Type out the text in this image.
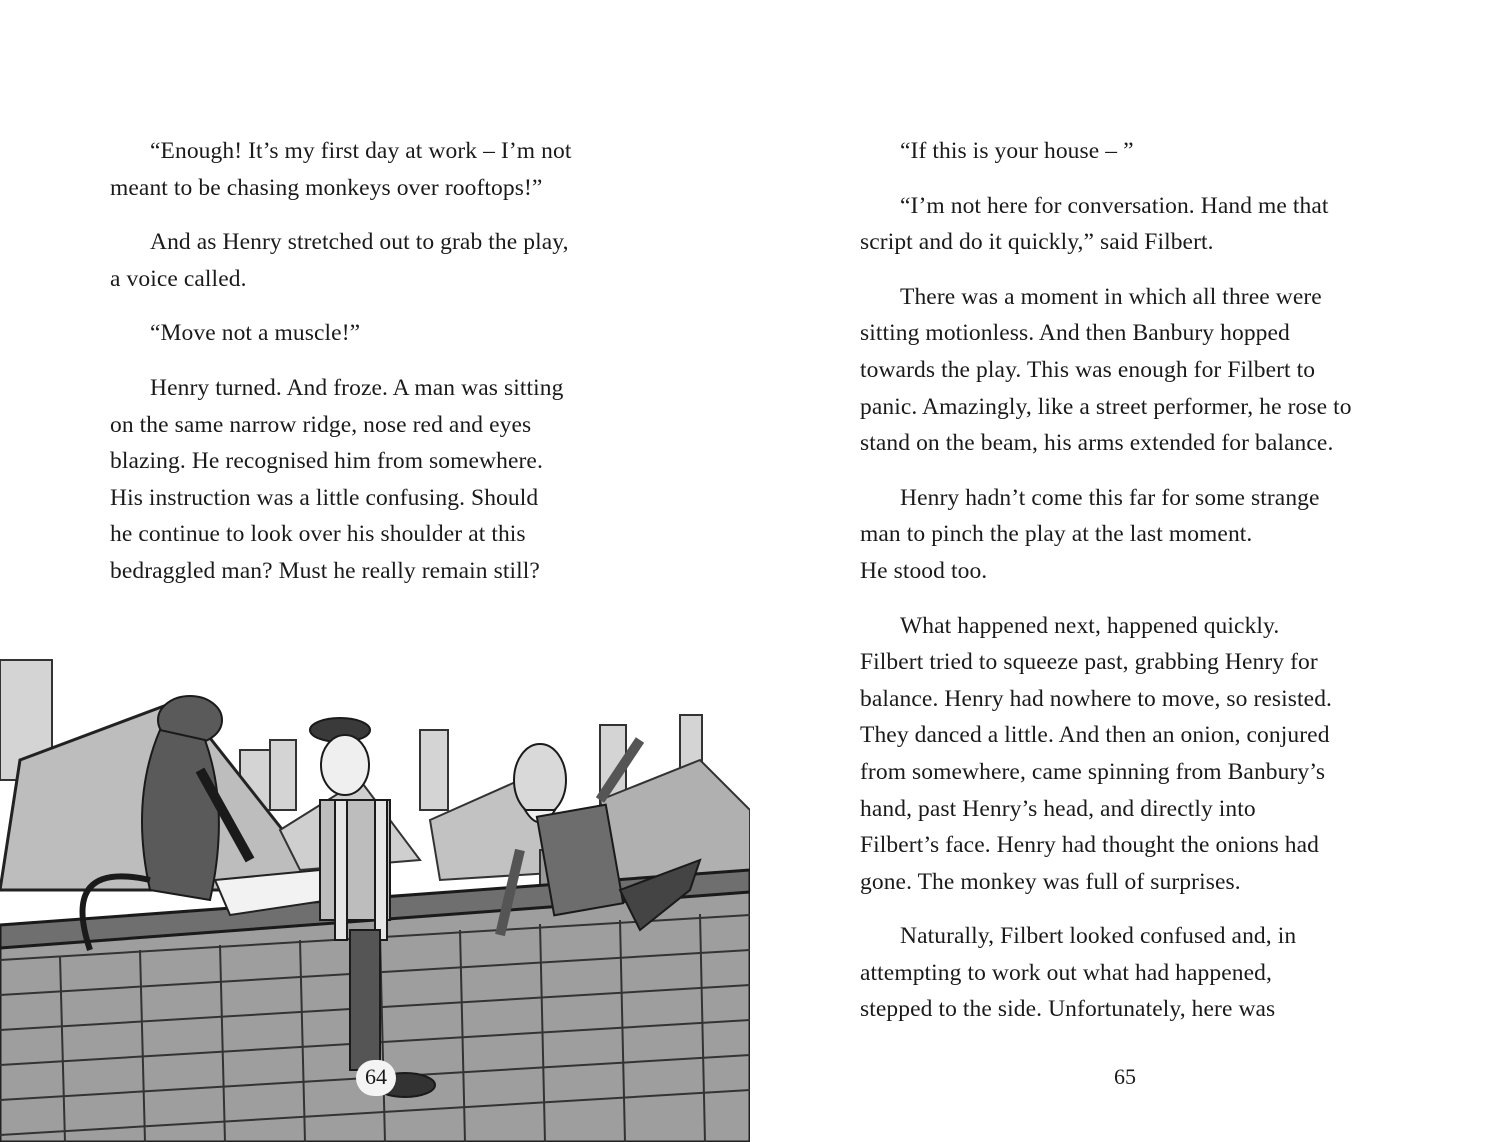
“Enough! It’s my first day at work – I’m not
meant to be chasing monkeys over rooftops!”

And as Henry stretched out to grab the play,
a voice called.

“Move not a muscle!”

Henry turned. And froze. A man was sitting
on the same narrow ridge, nose red and eyes
blazing. He recognised him from somewhere.
His instruction was a little confusing. Should
he continue to look over his shoulder at this
bedraggled man? Must he really remain still?

64

“If this is your house – ”

“I’m not here for conversation. Hand me that
script and do it quickly,” said Filbert.

There was a moment in which all three were
sitting motionless. And then Banbury hopped
towards the play. This was enough for Filbert to
panic. Amazingly, like a street performer, he rose to
stand on the beam, his arms extended for balance.

Henry hadn’t come this far for some strange
man to pinch the play at the last moment.
He stood too.

What happened next, happened quickly.
Filbert tried to squeeze past, grabbing Henry for
balance. Henry had nowhere to move, so resisted.
They danced a little. And then an onion, conjured
from somewhere, came spinning from Banbury’s
hand, past Henry’s head, and directly into
Filbert’s face. Henry had thought the onions had
gone. The monkey was full of surprises.

Naturally, Filbert looked confused and, in
attempting to work out what had happened,
stepped to the side. Unfortunately, here was

65
